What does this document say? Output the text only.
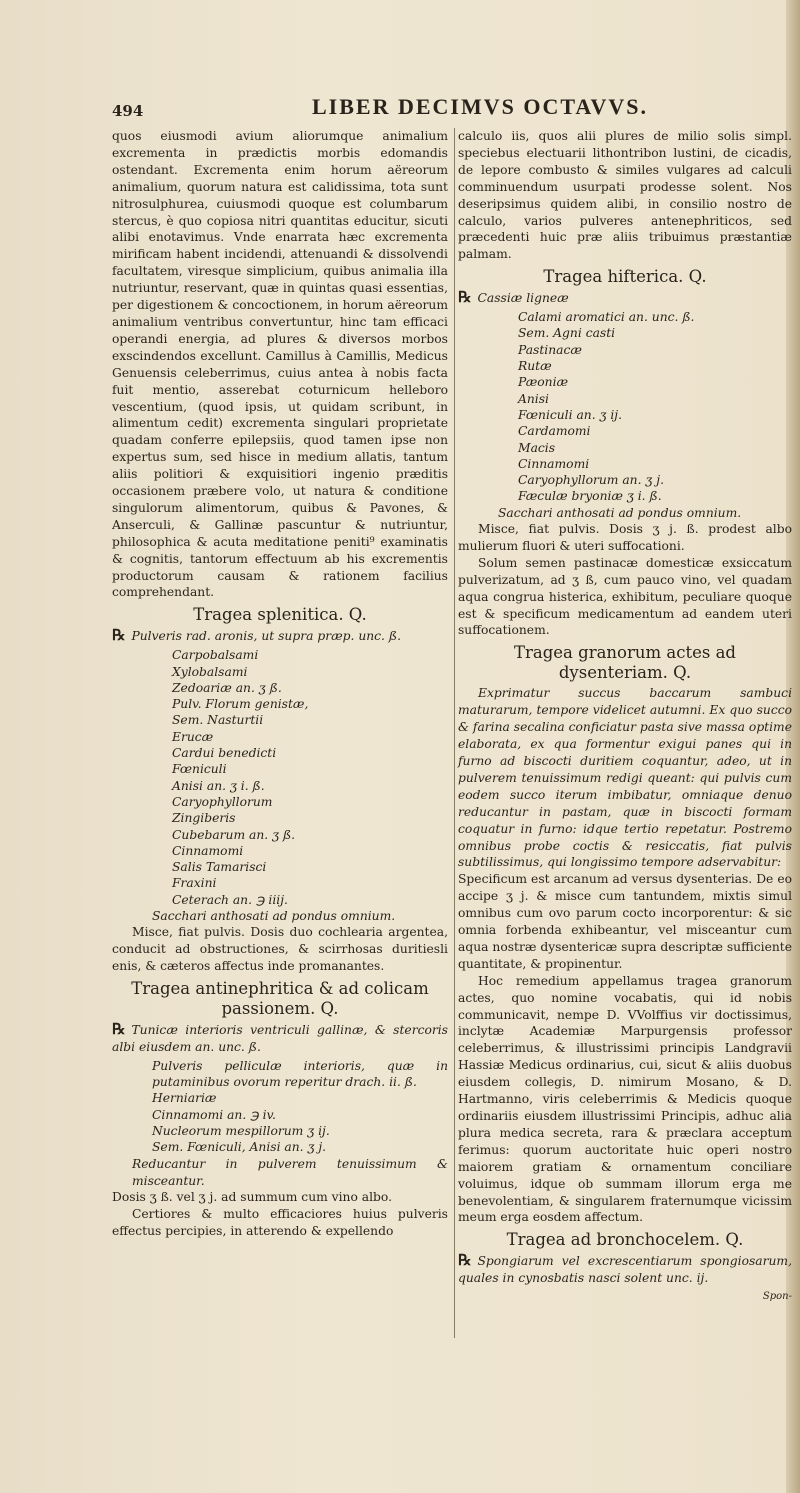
494	LIBER DECIMVS OCTAVVS.

quos eiusmodi avium aliorumque animalium excrementa in prædictis morbis edomandis ostendant. Excrementa enim horum aëreorum animalium, quorum natura est calidissima, tota sunt nitrosulphurea, cuiusmodi quoque est columbarum stercus, è quo copiosa nitri quantitas educitur, sicuti alibi enotavimus. Vnde enarrata hæc excrementa mirificam habent incidendi, attenuandi & dissolvendi facultatem, viresque simplicium, quibus animalia illa nutriuntur, reservant, quæ in quintas quasi essentias, per digestionem & concoctionem, in horum aëreorum animalium ventribus convertuntur, hinc tam efficaci operandi energia, ad plures & diversos morbos exscindendos excellunt. Camillus à Camillis, Medicus Genuensis celeberrimus, cuius antea à nobis facta fuit mentio, asserebat coturnicum helleboro vescentium, (quod ipsis, ut quidam scribunt, in alimentum cedit) excrementa singulari proprietate quadam conferre epilepsiis, quod tamen ipse non expertus sum, sed hisce in medium allatis, tantum aliis politiori & exquisitiori ingenio præditis occasionem præbere volo, ut natura & conditione singulorum alimentorum, quibus & Pavones, & Anserculi, & Gallinæ pascuntur & nutriuntur, philosophica & acuta meditatione peniti⁹ examinatis & cognitis, tantorum effectuum ab his excrementis productorum causam & rationem facilius comprehendant.

Tragea splenitica. Q.
℞ Pulveris rad. aronis, ut supra præp. unc. ß.
Carpobalsami
Xylobalsami
Zedoariæ an. ʒ ß.
Pulv. Florum genistæ,
Sem. Nasturtii
Erucæ
Cardui benedicti
Fœniculi
Anisi an. ʒ i. ß.
Caryophyllorum
Zingiberis
Cubebarum an. ʒ ß.
Cinnamomi
Salis Tamarisci
Fraxini
Ceterach an. ℈ iiij.
Sacchari anthosati ad pondus omnium.

Misce, fiat pulvis. Dosis duo cochlearia argentea, conducit ad obstructiones, & scirrhosas duritiesli enis, & cæteros affectus inde promanantes.

Tragea antinephritica & ad colicam passionem. Q.
℞ Tunicæ interioris ventriculi gallinæ, & stercoris albi eiusdem an. unc. ß.
Pulveris pelliculæ interioris, quæ in putaminibus ovorum reperitur drach. ii. ß.
Herniariæ
Cinnamomi an. ℈ iv.
Nucleorum mespillorum ʒ ij.
Sem. Fœniculi, Anisi an. ʒ j.
Reducantur in pulverem tenuissimum & misceantur.

Dosis ʒ ß. vel ʒ j. ad summum cum vino albo.

Certiores & multo efficaciores huius pulveris effectus percipies, in atterendo & expellendo

calculo iis, quos alii plures de milio solis simpl. speciebus electuarii lithontribon lustini, de cicadis, de lepore combusto & similes vulgares ad calculi comminuendum usurpati prodesse solent. Nos deseripsimus quidem alibi, in consilio nostro de calculo, varios pulveres antenephriticos, sed præcedenti huic præ aliis tribuimus præstantiæ palmam.

Tragea hifterica. Q.
℞ Cassiæ ligneæ
Calami aromatici an. unc. ß.
Sem. Agni casti
Pastinacæ
Rutæ
Pæoniæ
Anisi
Fœniculi an. ʒ ij.
Cardamomi
Macis
Cinnamomi
Caryophyllorum an. ʒ j.
Fæculæ bryoniæ ʒ i. ß.
Sacchari anthosati ad pondus omnium.

Misce, fiat pulvis. Dosis ʒ j. ß. prodest albo mulierum fluori & uteri suffocationi.

Solum semen pastinacæ domesticæ exsiccatum pulverizatum, ad ʒ ß, cum pauco vino, vel quadam aqua congrua histerica, exhibitum, peculiare quoque est & specificum medicamentum ad eandem uteri suffocationem.

Tragea granorum actes ad dysenteriam. Q.

Exprimatur succus baccarum sambuci maturarum, tempore videlicet autumni. Ex quo succo & farina secalina conficiatur pasta sive massa optime elaborata, ex qua formentur exigui panes qui in furno ad biscocti duritiem coquantur, adeo, ut in pulverem tenuissimum redigi queant: qui pulvis cum eodem succo iterum imbibatur, omniaque denuo reducantur in pastam, quæ in biscocti formam coquatur in furno: idque tertio repetatur. Postremo omnibus probe coctis & resiccatis, fiat pulvis subtilissimus, qui longissimo tempore adservabitur:

Specificum est arcanum ad versus dysenterias. De eo accipe ʒ j. & misce cum tantundem, mixtis simul omnibus cum ovo parum cocto incorporentur: & sic omnia forbenda exhibeantur, vel misceantur cum aqua nostræ dysentericæ supra descriptæ sufficiente quantitate, & propinentur.

Hoc remedium appellamus tragea granorum actes, quo nomine vocabatis, qui id nobis communicavit, nempe D. VVolffius vir doctissimus, inclytæ Academiæ Marpurgensis professor celeberrimus, & illustrissimi principis Landgravii Hassiæ Medicus ordinarius, cui, sicut & aliis duobus eiusdem collegis, D. nimirum Mosano, & D. Hartmanno, viris celeberrimis & Medicis quoque ordinariis eiusdem illustrissimi Principis, adhuc alia plura medica secreta, rara & præclara acceptum ferimus: quorum auctoritate huic operi nostro maiorem gratiam & ornamentum conciliare voluimus, idque ob summam illorum erga me benevolentiam, & singularem fraternumque vicissim meum erga eosdem affectum.

Tragea ad bronchocelem. Q.
℞ Spongiarum vel excrescentiarum spongiosarum, quales in cynosbatis nasci solent unc. ij.
Spon-
